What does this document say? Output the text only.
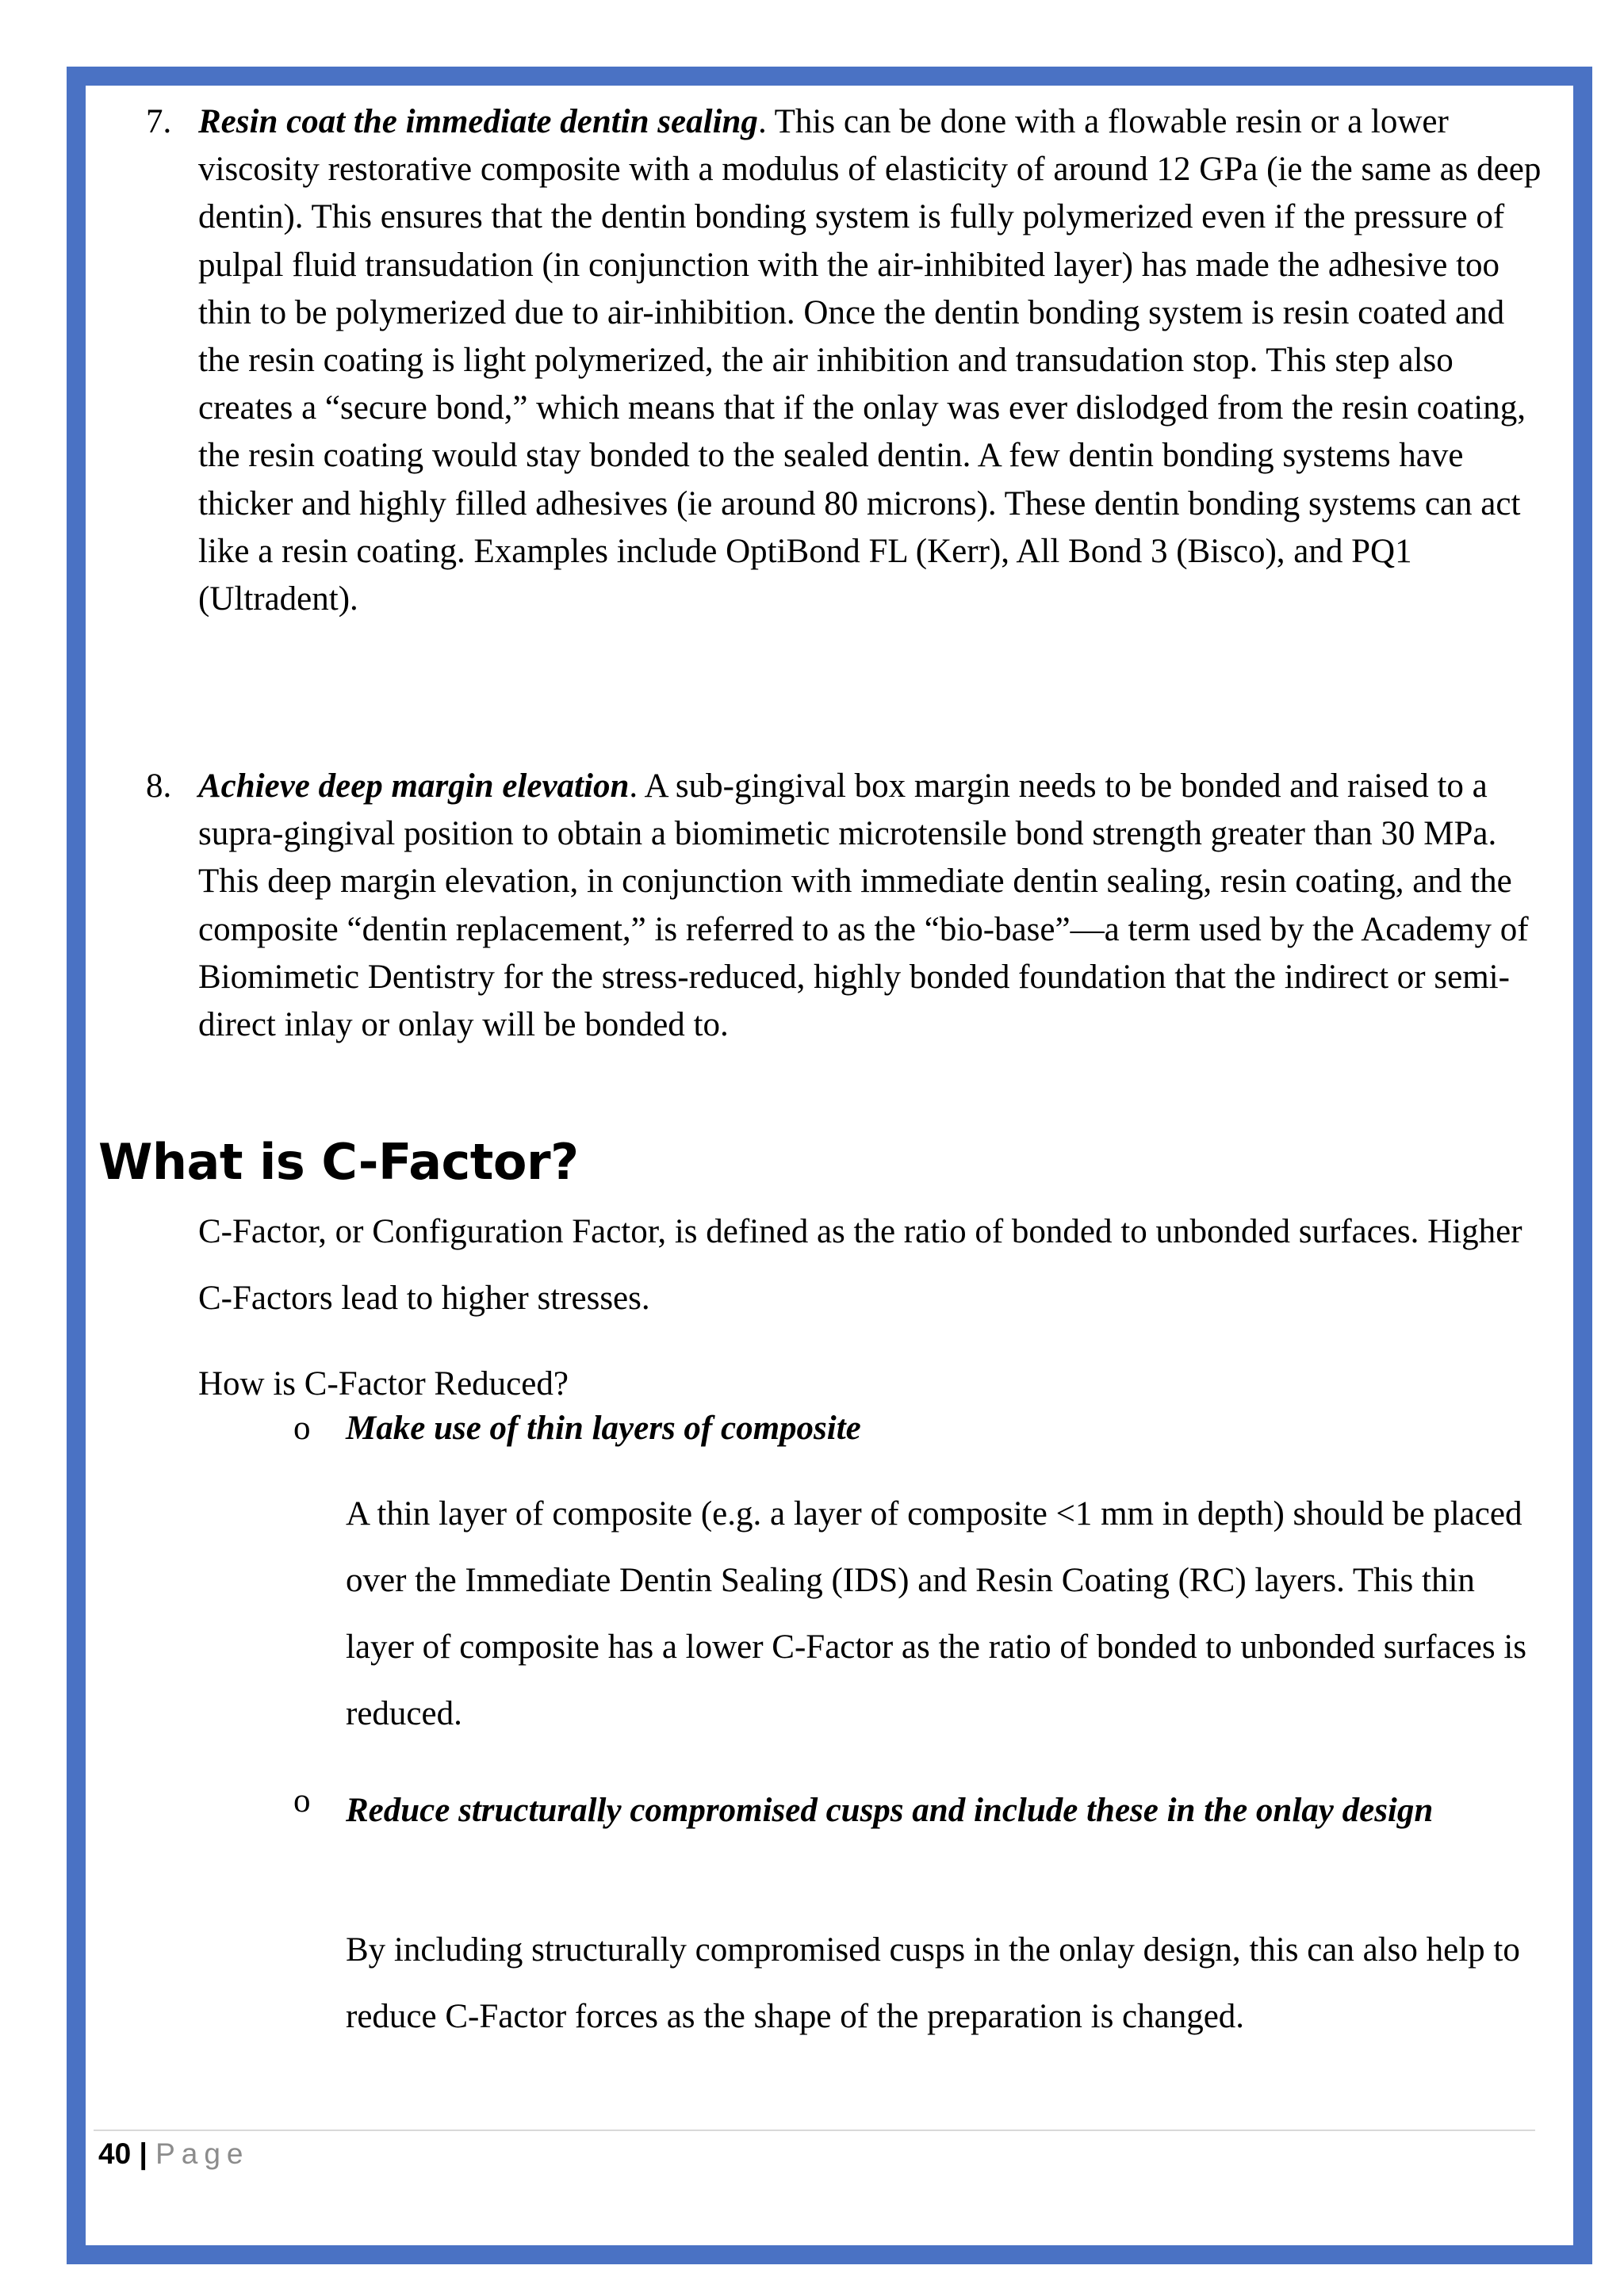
7. Resin coat the immediate dentin sealing. This can be done with a flowable resin or a lower viscosity restorative composite with a modulus of elasticity of around 12 GPa (ie the same as deep dentin). This ensures that the dentin bonding system is fully polymerized even if the pressure of pulpal fluid transudation (in conjunction with the air-inhibited layer) has made the adhesive too thin to be polymerized due to air-inhibition. Once the dentin bonding system is resin coated and the resin coating is light polymerized, the air inhibition and transudation stop. This step also creates a “secure bond,” which means that if the onlay was ever dislodged from the resin coating, the resin coating would stay bonded to the sealed dentin. A few dentin bonding systems have thicker and highly filled adhesives (ie around 80 microns). These dentin bonding systems can act like a resin coating. Examples include OptiBond FL (Kerr), All Bond 3 (Bisco), and PQ1 (Ultradent).
8. Achieve deep margin elevation. A sub-gingival box margin needs to be bonded and raised to a supra-gingival position to obtain a biomimetic microtensile bond strength greater than 30 MPa. This deep margin elevation, in conjunction with immediate dentin sealing, resin coating, and the composite “dentin replacement,” is referred to as the “bio-base”—a term used by the Academy of Biomimetic Dentistry for the stress-reduced, highly bonded foundation that the indirect or semi-direct inlay or onlay will be bonded to.
What is C-Factor?

C-Factor, or Configuration Factor, is defined as the ratio of bonded to unbonded surfaces. Higher C-Factors lead to higher stresses.

How is C-Factor Reduced?

o Make use of thin layers of composite

A thin layer of composite (e.g. a layer of composite <1 mm in depth) should be placed over the Immediate Dentin Sealing (IDS) and Resin Coating (RC) layers. This thin layer of composite has a lower C-Factor as the ratio of bonded to unbonded surfaces is reduced.

o Reduce structurally compromised cusps and include these in the onlay design

By including structurally compromised cusps in the onlay design, this can also help to reduce C-Factor forces as the shape of the preparation is changed.

40 | Page
